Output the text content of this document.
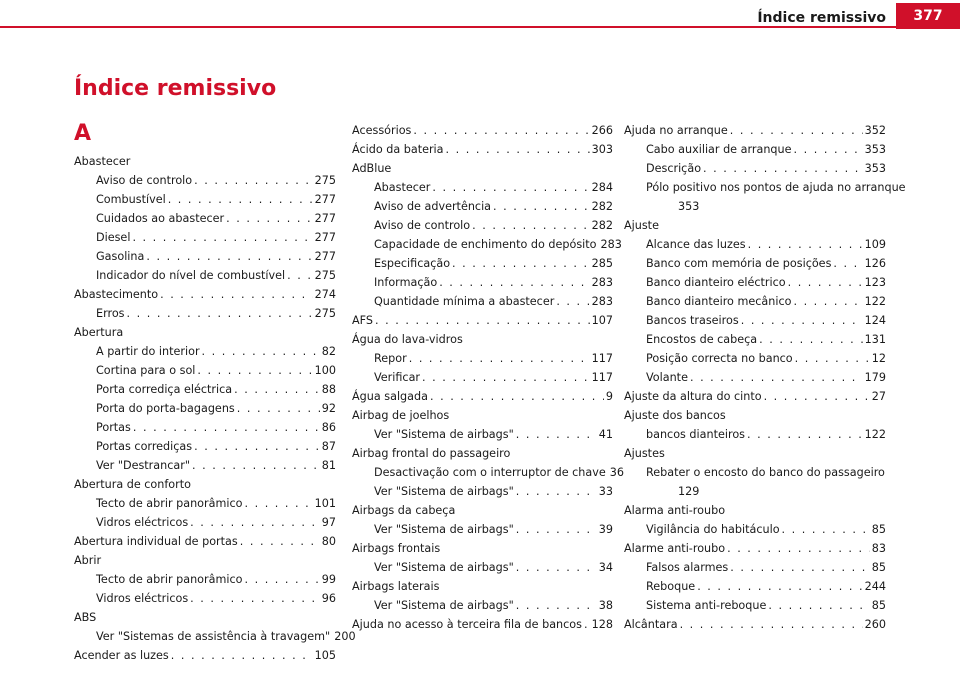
Índice remissivo	377
Índice remissivo
A
Abastecer
Aviso de controlo . . .	275
Combustível . . .	277
Cuidados ao abastecer . . .	277
Diesel . . .	277
Gasolina . . .	277
Indicador do nível de combustível . . .	275
Abastecimento . . .	274
Erros . . .	275
Abertura
A partir do interior . . .	82
Cortina para o sol . . .	100
Porta corrediça eléctrica . . .	88
Porta do porta-bagagens . . .	92
Portas . . .	86
Portas corrediças . . .	87
Ver "Destrancar" . . .	81
Abertura de conforto
Tecto de abrir panorâmico . . .	101
Vidros eléctricos . . .	97
Abertura individual de portas . . .	80
Abrir
Tecto de abrir panorâmico . . .	99
Vidros eléctricos . . .	96
ABS
Ver "Sistemas de assistência à travagem" 200
Acender as luzes . . .	105
Acessórios . . .	266
Ácido da bateria . . .	303
AdBlue
Abastecer . . .	284
Aviso de advertência . . .	282
Aviso de controlo . . .	282
Capacidade de enchimento do depósito 283
Especificação . . .	285
Informação . . .	283
Quantidade mínima a abastecer . . .	283
AFS . . .	107
Água do lava-vidros
Repor . . .	117
Verificar . . .	117
Água salgada . . .	9
Airbag de joelhos
Ver "Sistema de airbags" . . .	41
Airbag frontal do passageiro
Desactivação com o interruptor de chave 36
Ver "Sistema de airbags" . . .	33
Airbags da cabeça
Ver "Sistema de airbags" . . .	39
Airbags frontais
Ver "Sistema de airbags" . . .	34
Airbags laterais
Ver "Sistema de airbags" . . .	38
Ajuda no acesso à terceira fila de bancos . . . 128
Ajuda no arranque . . .	352
Cabo auxiliar de arranque . . .	353
Descrição . . .	353
Pólo positivo nos pontos de ajuda no arranque
353
Ajuste
Alcance das luzes . . .	109
Banco com memória de posições . . .	126
Banco dianteiro eléctrico . . .	123
Banco dianteiro mecânico . . .	122
Bancos traseiros . . .	124
Encostos de cabeça . . .	131
Posição correcta no banco . . .	12
Volante . . .	179
Ajuste da altura do cinto . . .	27
Ajuste dos bancos
bancos dianteiros . . .	122
Ajustes
Rebater o encosto do banco do passageiro
129
Alarma anti-roubo
Vigilância do habitáculo . . .	85
Alarme anti-roubo . . .	83
Falsos alarmes . . .	85
Reboque . . .	244
Sistema anti-reboque . . .	85
Alcântara . . .	260
